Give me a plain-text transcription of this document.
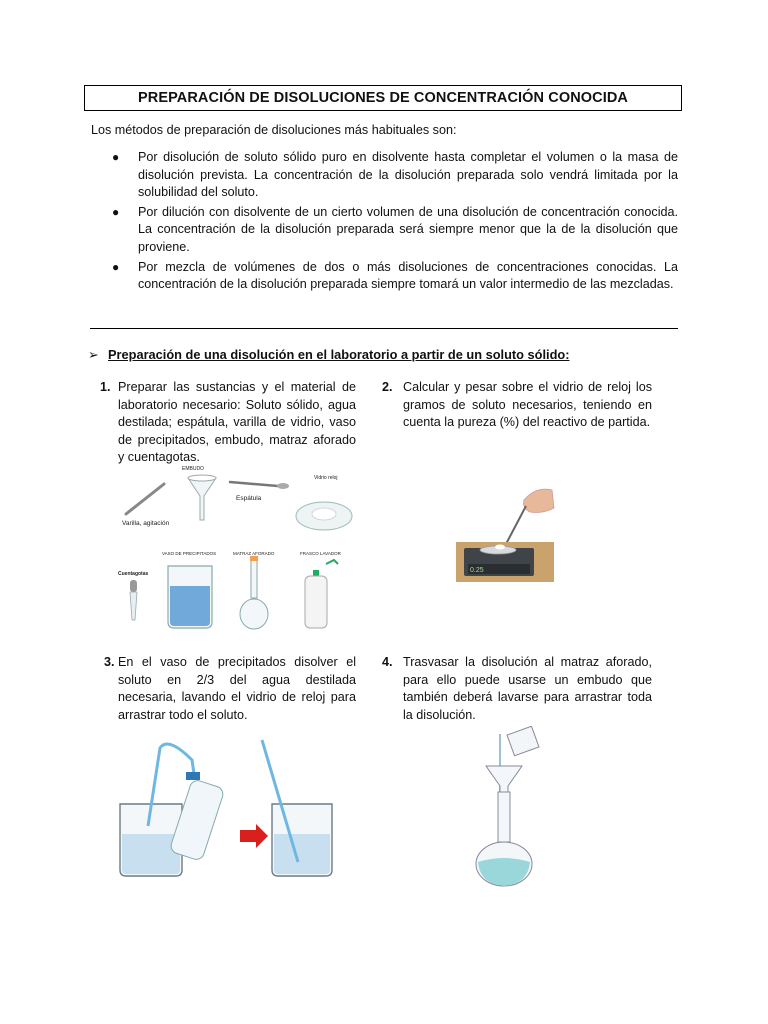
PREPARACIÓN DE DISOLUCIONES DE CONCENTRACIÓN CONOCIDA
Los métodos de preparación de disoluciones más habituales son:
● Por disolución de soluto sólido puro en disolvente hasta completar el volumen o la masa de disolución prevista. La concentración de la disolución preparada solo vendrá limitada por la solubilidad del soluto.
● Por dilución con disolvente de un cierto volumen de una disolución de concentración conocida. La concentración de la disolución preparada será siempre menor que la de la disolución que proviene.
● Por mezcla de volúmenes de dos o más disoluciones de concentraciones conocidas. La concentración de la disolución preparada siempre tomará un valor intermedio de las mezcladas.
➢ Preparación de una disolución en el laboratorio a partir de un soluto sólido:
1. Preparar las sustancias y el material de laboratorio necesario: Soluto sólido, agua destilada; espátula, varilla de vidrio, vaso de precipitados, embudo, matraz aforado y cuentagotas.
2. Calcular y pesar sobre el vidrio de reloj los gramos de soluto necesarios, teniendo en cuenta la pureza (%) del reactivo de partida.
3. En el vaso de precipitados disolver el soluto en 2/3 del agua destilada necesaria, lavando el vidrio de reloj para arrastrar todo el soluto.
4. Trasvasar la disolución al matraz aforado, para ello puede usarse un embudo que también deberá lavarse para arrastrar toda la disolución.
Varilla, agitación
EMBUDO
Espátula
Vidrio reloj
Cuentagotas
VASO DE PRECIPITADOS	MATRAZ AFORADO	FRASCO LAVADOR
0.25
